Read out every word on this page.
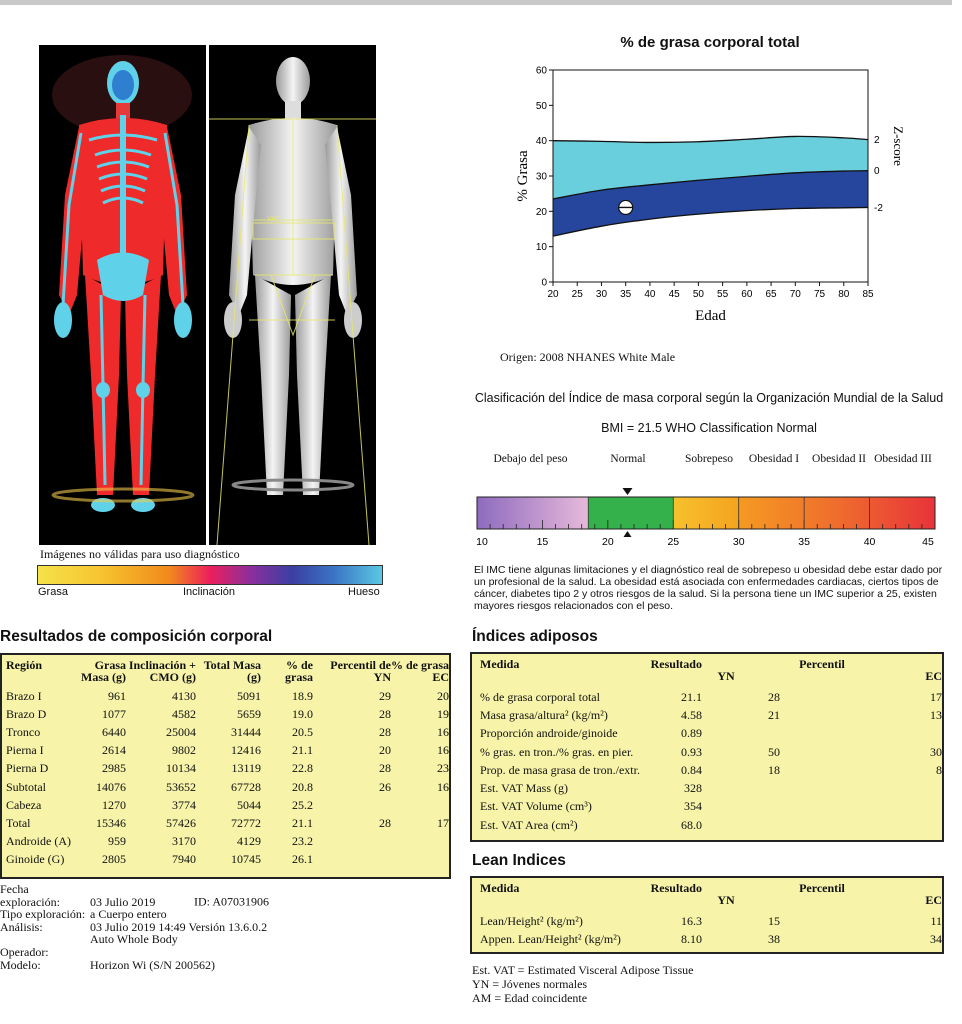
VAT
Imágenes no válidas para uso diagnóstico
Grasa	Inclinación	Hueso
% de grasa corporal total
0
10
20
30
40
50
60
20 25 30 35 40 45 50 55 60 65 70 75 80 85
2
0
-2
Edad
% Grasa
Z-score
Origen: 2008 NHANES White Male
Clasificación del Índice de masa corporal según la Organización Mundial de la Salud
BMI = 21.5 WHO Classification Normal
Debajo del peso	Normal	Sobrepeso	Obesidad I	Obesidad II Obesidad III
10	15	20	25	30	35	40	45
El IMC tiene algunas limitaciones y el diagnóstico real de sobrepeso u obesidad debe estar dado por un profesional de la salud. La obesidad está asociada con enfermedades cardiacas, ciertos tipos de cáncer, diabetes tipo 2 y otros riesgos de la salud. Si la persona tiene un IMC superior a 25, existen mayores riesgos relacionados con el peso.
Resultados de composición corporal
Región	Grasa Masa (g)	Inclinación + CMO (g)	Total Masa (g)	% de grasa	Percentil de YN	% de grasa EC
Brazo I	961	4130	5091	18.9	29	20
Brazo D	1077	4582	5659	19.0	28	19
Tronco	6440	25004	31444	20.5	28	16
Pierna I	2614	9802	12416	21.1	20	16
Pierna D	2985	10134	13119	22.8	28	23
Subtotal	14076	53652	67728	20.8	26	16
Cabeza	1270	3774	5044	25.2		
Total	15346	57426	72772	21.1	28	17
Androide (A)	959	3170	4129	23.2		
Ginoide (G)	2805	7940	10745	26.1		
Fecha exploración:	03 Julio 2019	ID: A07031906
Tipo exploración: a Cuerpo entero
Análisis:	03 Julio 2019 14:49 Versión 13.6.0.2
Auto Whole Body
Operador:
Modelo:	Horizon Wi (S/N 200562)
Índices adiposos
Medida	Resultado	Percentil
YN EC	

% de grasa corporal total	21.1	28	17
Masa grasa/altura² (kg/m²)	4.58	21	13
Proporción androide/ginoide	0.89		
% gras. en tron./% gras. en pier.	0.93	50	30
Prop. de masa grasa de tron./extr.	0.84	18	8
Est. VAT Mass (g)	328		
Est. VAT Volume (cm³)	354		
Est. VAT Area (cm²)	68.0		
Lean Indices
Medida	Resultado	Percentil
YN EC	

Lean/Height² (kg/m²)	16.3	15	11
Appen. Lean/Height² (kg/m²)	8.10	38	34
Est. VAT = Estimated Visceral Adipose Tissue
YN = Jóvenes normales
AM = Edad coincidente
